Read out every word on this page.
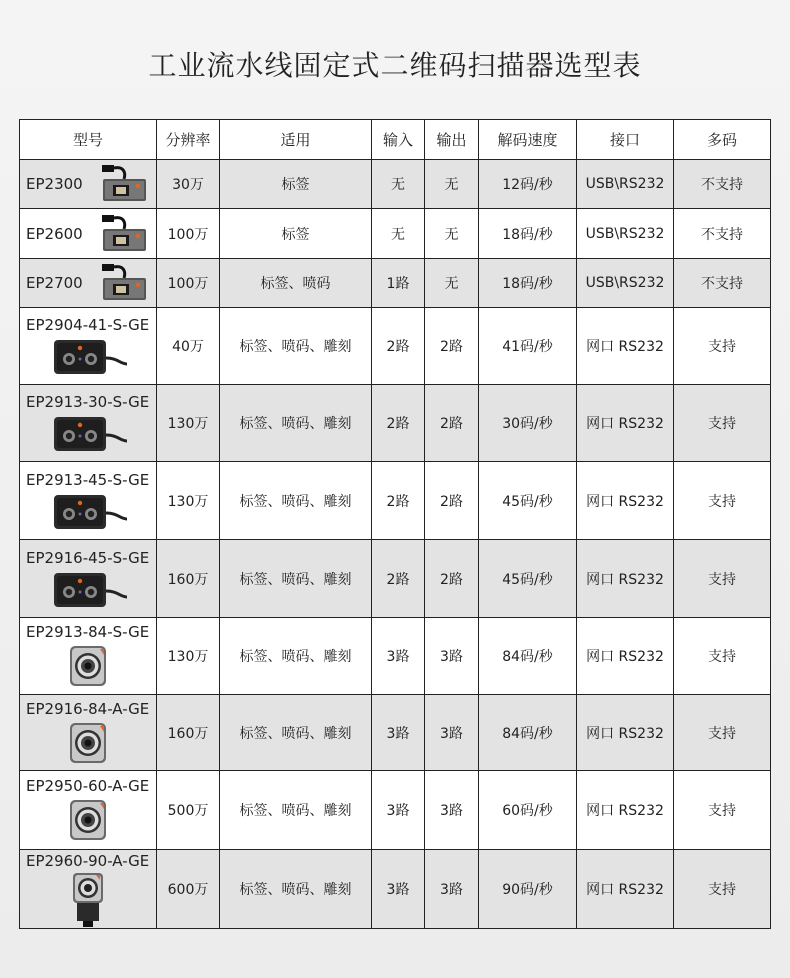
工业流水线固定式二维码扫描器选型表
型号	分辨率	适用	输入	输出	解码速度	接口	多码

EP2300	30万	标签	无	无	12码/秒	USB\RS232	不支持

EP2600	100万	标签	无	无	18码/秒	USB\RS232	不支持

EP2700	100万	标签、喷码	1路	无	18码/秒	USB\RS232	不支持

EP2904-41-S-GE	40万	标签、喷码、雕刻	2路	2路	41码/秒	网口 RS232	支持

EP2913-30-S-GE	130万	标签、喷码、雕刻	2路	2路	30码/秒	网口 RS232	支持

EP2913-45-S-GE	130万	标签、喷码、雕刻	2路	2路	45码/秒	网口 RS232	支持

EP2916-45-S-GE	160万	标签、喷码、雕刻	2路	2路	45码/秒	网口 RS232	支持

EP2913-84-S-GE	130万	标签、喷码、雕刻	3路	3路	84码/秒	网口 RS232	支持

EP2916-84-A-GE	160万	标签、喷码、雕刻	3路	3路	84码/秒	网口 RS232	支持

EP2950-60-A-GE	500万	标签、喷码、雕刻	3路	3路	60码/秒	网口 RS232	支持

EP2960-90-A-GE	600万	标签、喷码、雕刻	3路	3路	90码/秒	网口 RS232	支持
